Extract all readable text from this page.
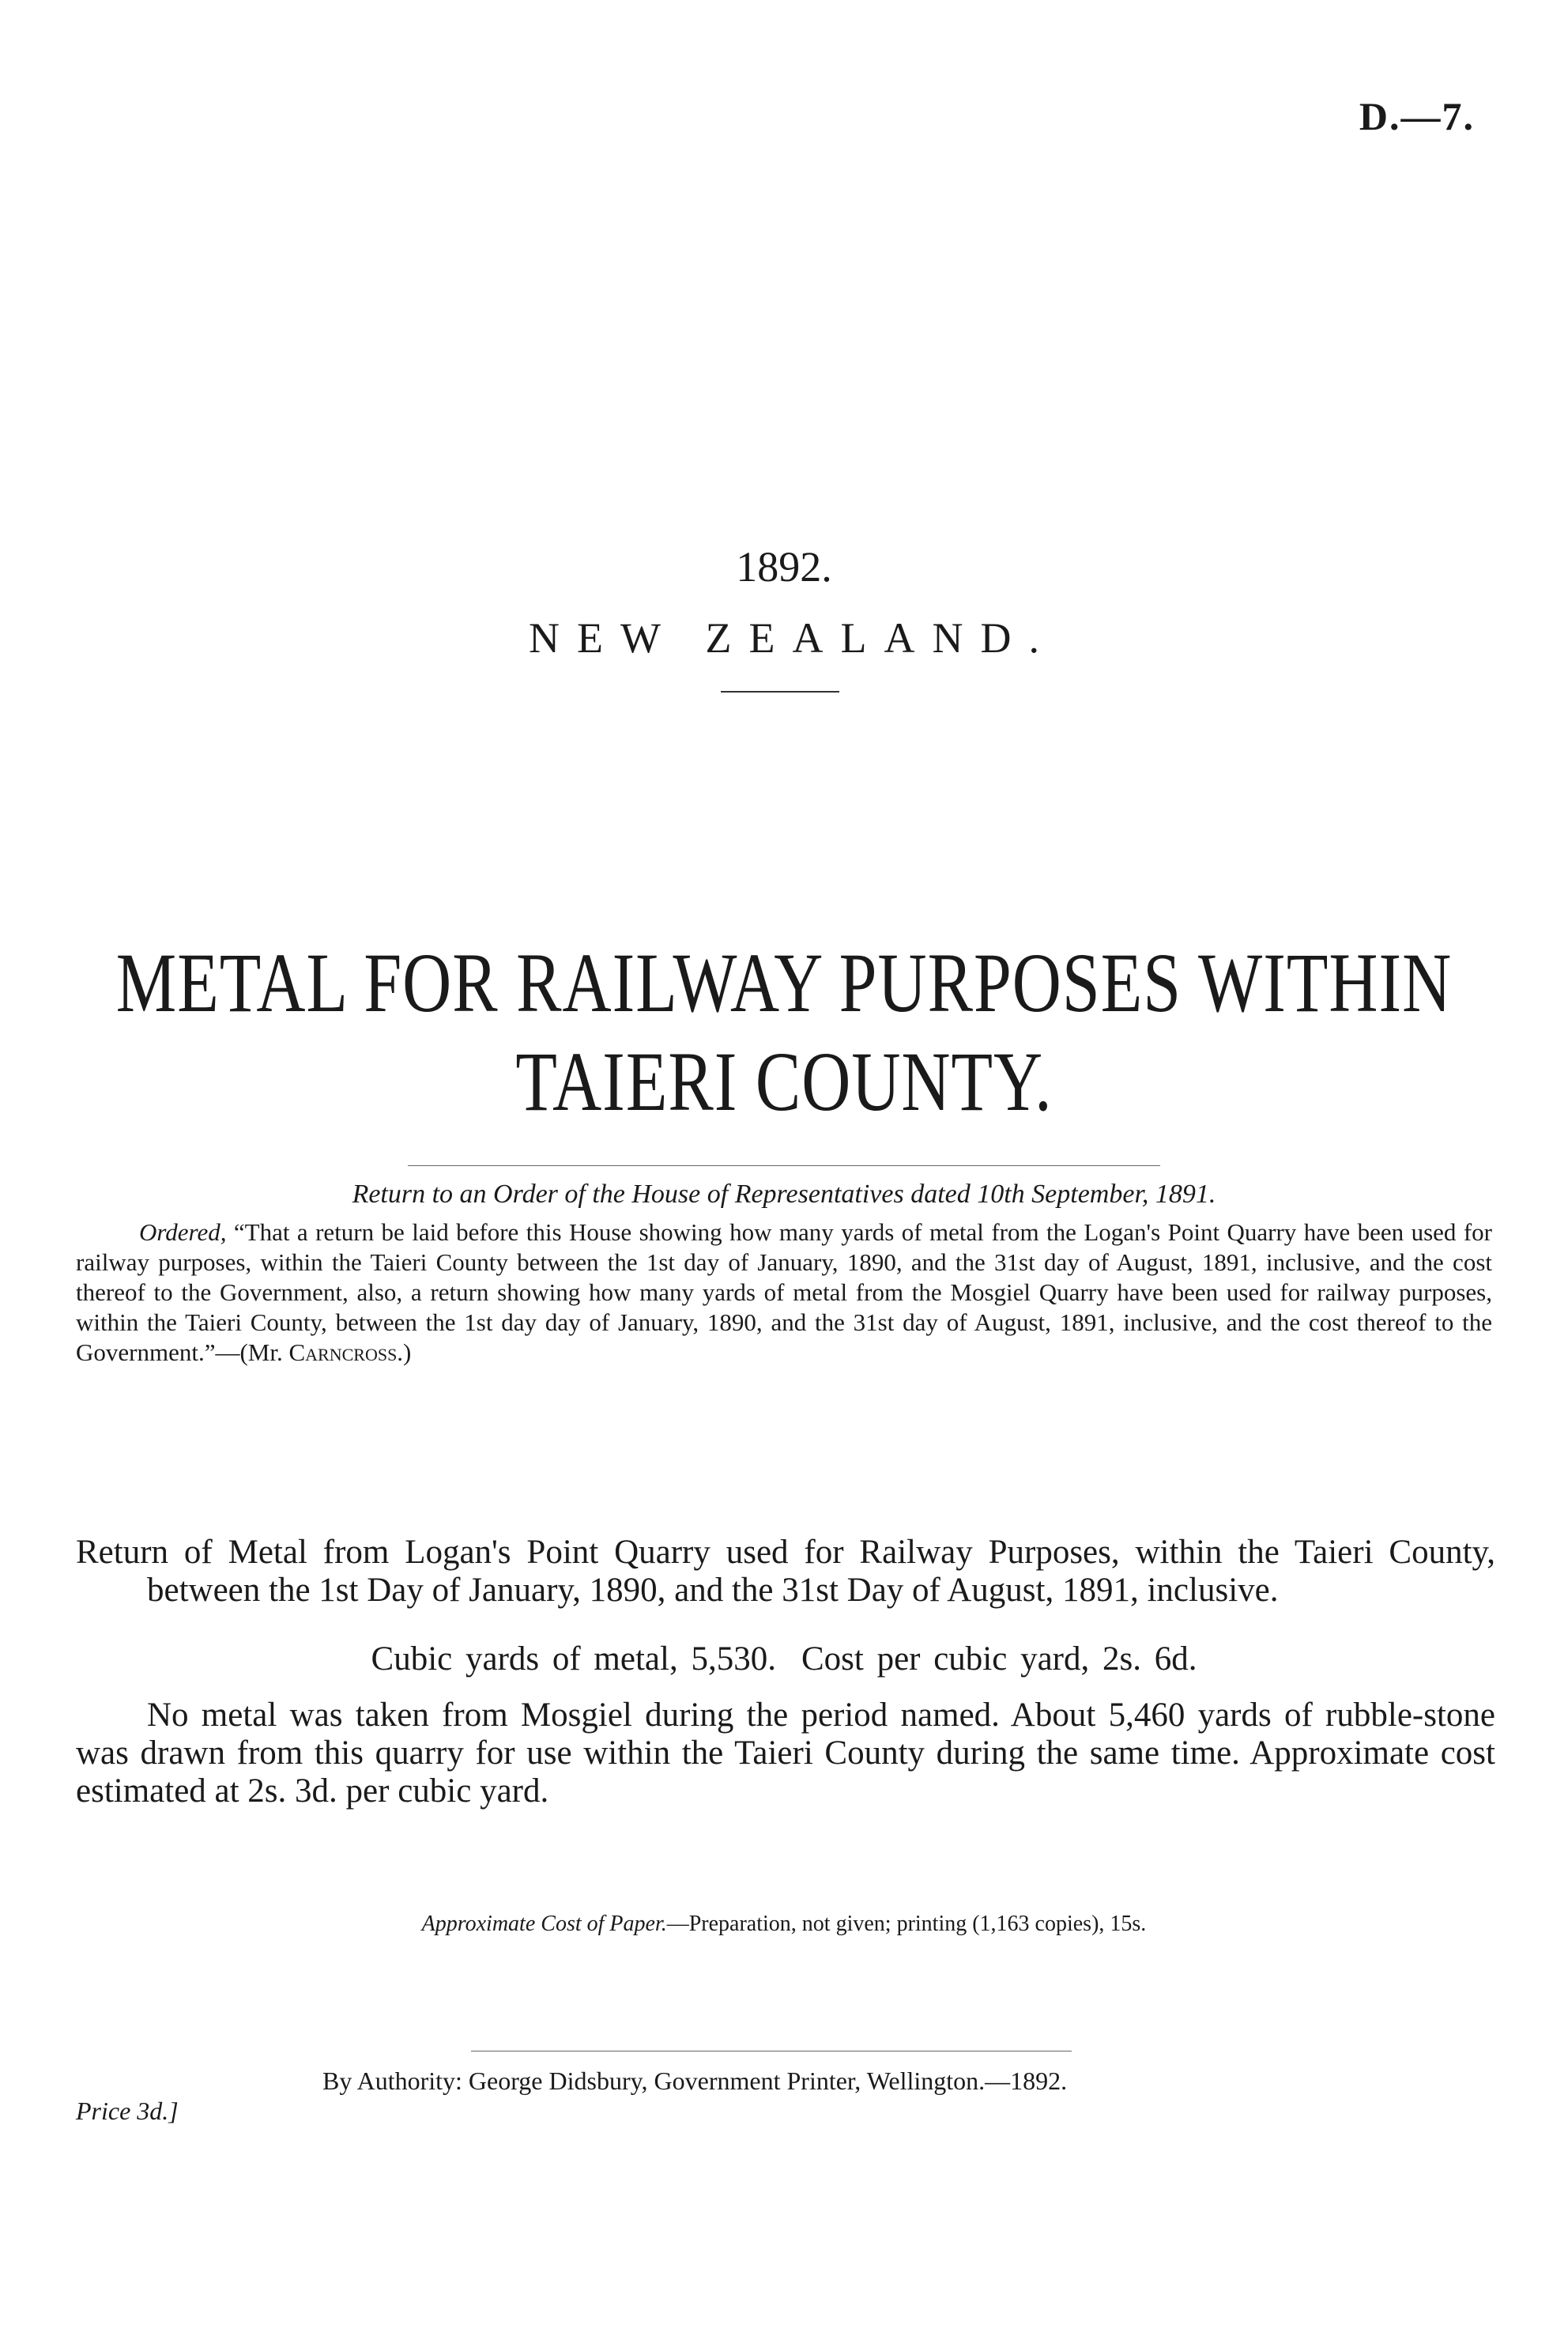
D.—7.
1892.
NEW ZEALAND.
METAL FOR RAILWAY PURPOSES WITHIN TAIERI COUNTY.
Return to an Order of the House of Representatives dated 10th September, 1891.
Ordered, “That a return be laid before this House showing how many yards of metal from the Logan's Point Quarry have been used for railway purposes, within the Taieri County between the 1st day of January, 1890, and the 31st day of August, 1891, inclusive, and the cost thereof to the Government, also, a return showing how many yards of metal from the Mosgiel Quarry have been used for railway purposes, within the Taieri County, between the 1st day day of January, 1890, and the 31st day of August, 1891, inclusive, and the cost thereof to the Government.”—(Mr. Carncross.)
Return of Metal from Logan's Point Quarry used for Railway Purposes, within the Taieri County, between the 1st Day of January, 1890, and the 31st Day of August, 1891, inclusive.
Cubic yards of metal, 5,530. Cost per cubic yard, 2s. 6d.
No metal was taken from Mosgiel during the period named. About 5,460 yards of rubble-stone was drawn from this quarry for use within the Taieri County during the same time. Approximate cost estimated at 2s. 3d. per cubic yard.
Approximate Cost of Paper.—Preparation, not given; printing (1,163 copies), 15s.
By Authority: George Didsbury, Government Printer, Wellington.—1892.
Price 3d.]
